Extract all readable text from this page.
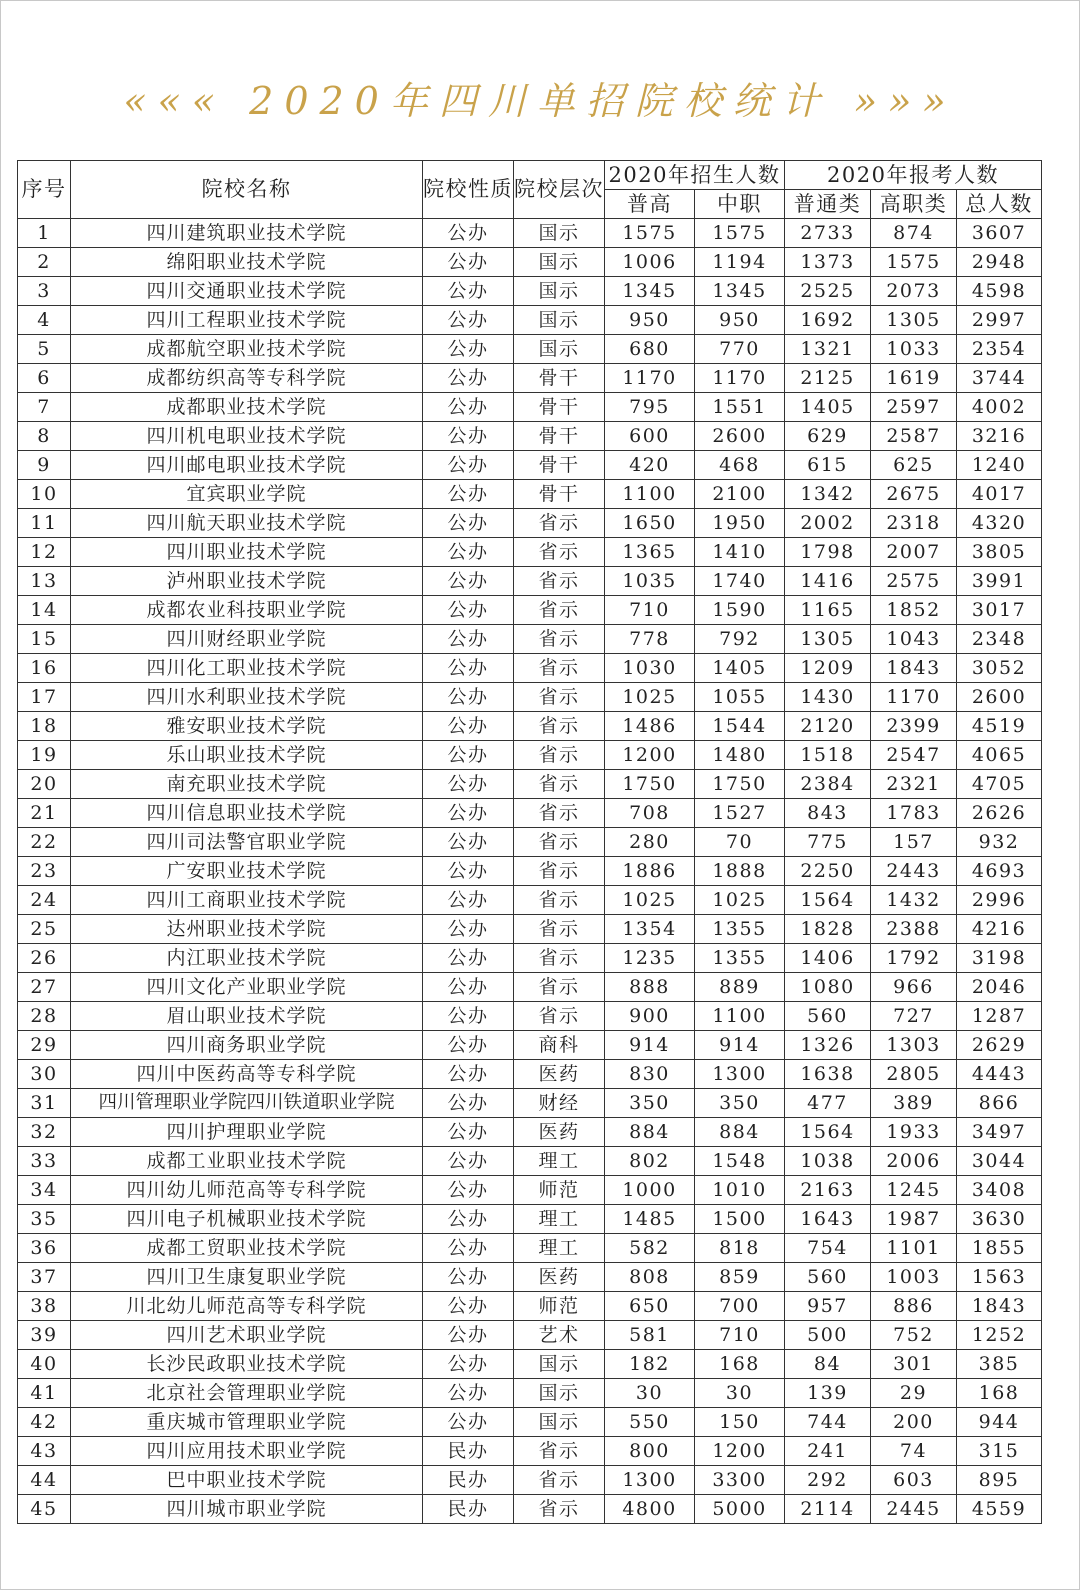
««« 2020年四川单招院校统计 »»»
序号	院校名称	院校性质	院校层次	2020年招生人数		2020年报考人数		
				普高	中职	普通类	高职类	总人数
1	四川建筑职业技术学院	公办	国示	1575	1575	2733	874	3607
2	绵阳职业技术学院	公办	国示	1006	1194	1373	1575	2948
3	四川交通职业技术学院	公办	国示	1345	1345	2525	2073	4598
4	四川工程职业技术学院	公办	国示	950	950	1692	1305	2997
5	成都航空职业技术学院	公办	国示	680	770	1321	1033	2354
6	成都纺织高等专科学院	公办	骨干	1170	1170	2125	1619	3744
7	成都职业技术学院	公办	骨干	795	1551	1405	2597	4002
8	四川机电职业技术学院	公办	骨干	600	2600	629	2587	3216
9	四川邮电职业技术学院	公办	骨干	420	468	615	625	1240
10	宜宾职业学院	公办	骨干	1100	2100	1342	2675	4017
11	四川航天职业技术学院	公办	省示	1650	1950	2002	2318	4320
12	四川职业技术学院	公办	省示	1365	1410	1798	2007	3805
13	泸州职业技术学院	公办	省示	1035	1740	1416	2575	3991
14	成都农业科技职业学院	公办	省示	710	1590	1165	1852	3017
15	四川财经职业学院	公办	省示	778	792	1305	1043	2348
16	四川化工职业技术学院	公办	省示	1030	1405	1209	1843	3052
17	四川水利职业技术学院	公办	省示	1025	1055	1430	1170	2600
18	雅安职业技术学院	公办	省示	1486	1544	2120	2399	4519
19	乐山职业技术学院	公办	省示	1200	1480	1518	2547	4065
20	南充职业技术学院	公办	省示	1750	1750	2384	2321	4705
21	四川信息职业技术学院	公办	省示	708	1527	843	1783	2626
22	四川司法警官职业学院	公办	省示	280	70	775	157	932
23	广安职业技术学院	公办	省示	1886	1888	2250	2443	4693
24	四川工商职业技术学院	公办	省示	1025	1025	1564	1432	2996
25	达州职业技术学院	公办	省示	1354	1355	1828	2388	4216
26	内江职业技术学院	公办	省示	1235	1355	1406	1792	3198
27	四川文化产业职业学院	公办	省示	888	889	1080	966	2046
28	眉山职业技术学院	公办	省示	900	1100	560	727	1287
29	四川商务职业学院	公办	商科	914	914	1326	1303	2629
30	四川中医药高等专科学院	公办	医药	830	1300	1638	2805	4443
31	四川管理职业学院四川铁道职业学院	公办	财经	350	350	477	389	866
32	四川护理职业学院	公办	医药	884	884	1564	1933	3497
33	成都工业职业技术学院	公办	理工	802	1548	1038	2006	3044
34	四川幼儿师范高等专科学院	公办	师范	1000	1010	2163	1245	3408
35	四川电子机械职业技术学院	公办	理工	1485	1500	1643	1987	3630
36	成都工贸职业技术学院	公办	理工	582	818	754	1101	1855
37	四川卫生康复职业学院	公办	医药	808	859	560	1003	1563
38	川北幼儿师范高等专科学院	公办	师范	650	700	957	886	1843
39	四川艺术职业学院	公办	艺术	581	710	500	752	1252
40	长沙民政职业技术学院	公办	国示	182	168	84	301	385
41	北京社会管理职业学院	公办	国示	30	30	139	29	168
42	重庆城市管理职业学院	公办	国示	550	150	744	200	944
43	四川应用技术职业学院	民办	省示	800	1200	241	74	315
44	巴中职业技术学院	民办	省示	1300	3300	292	603	895
45	四川城市职业学院	民办	省示	4800	5000	2114	2445	4559
